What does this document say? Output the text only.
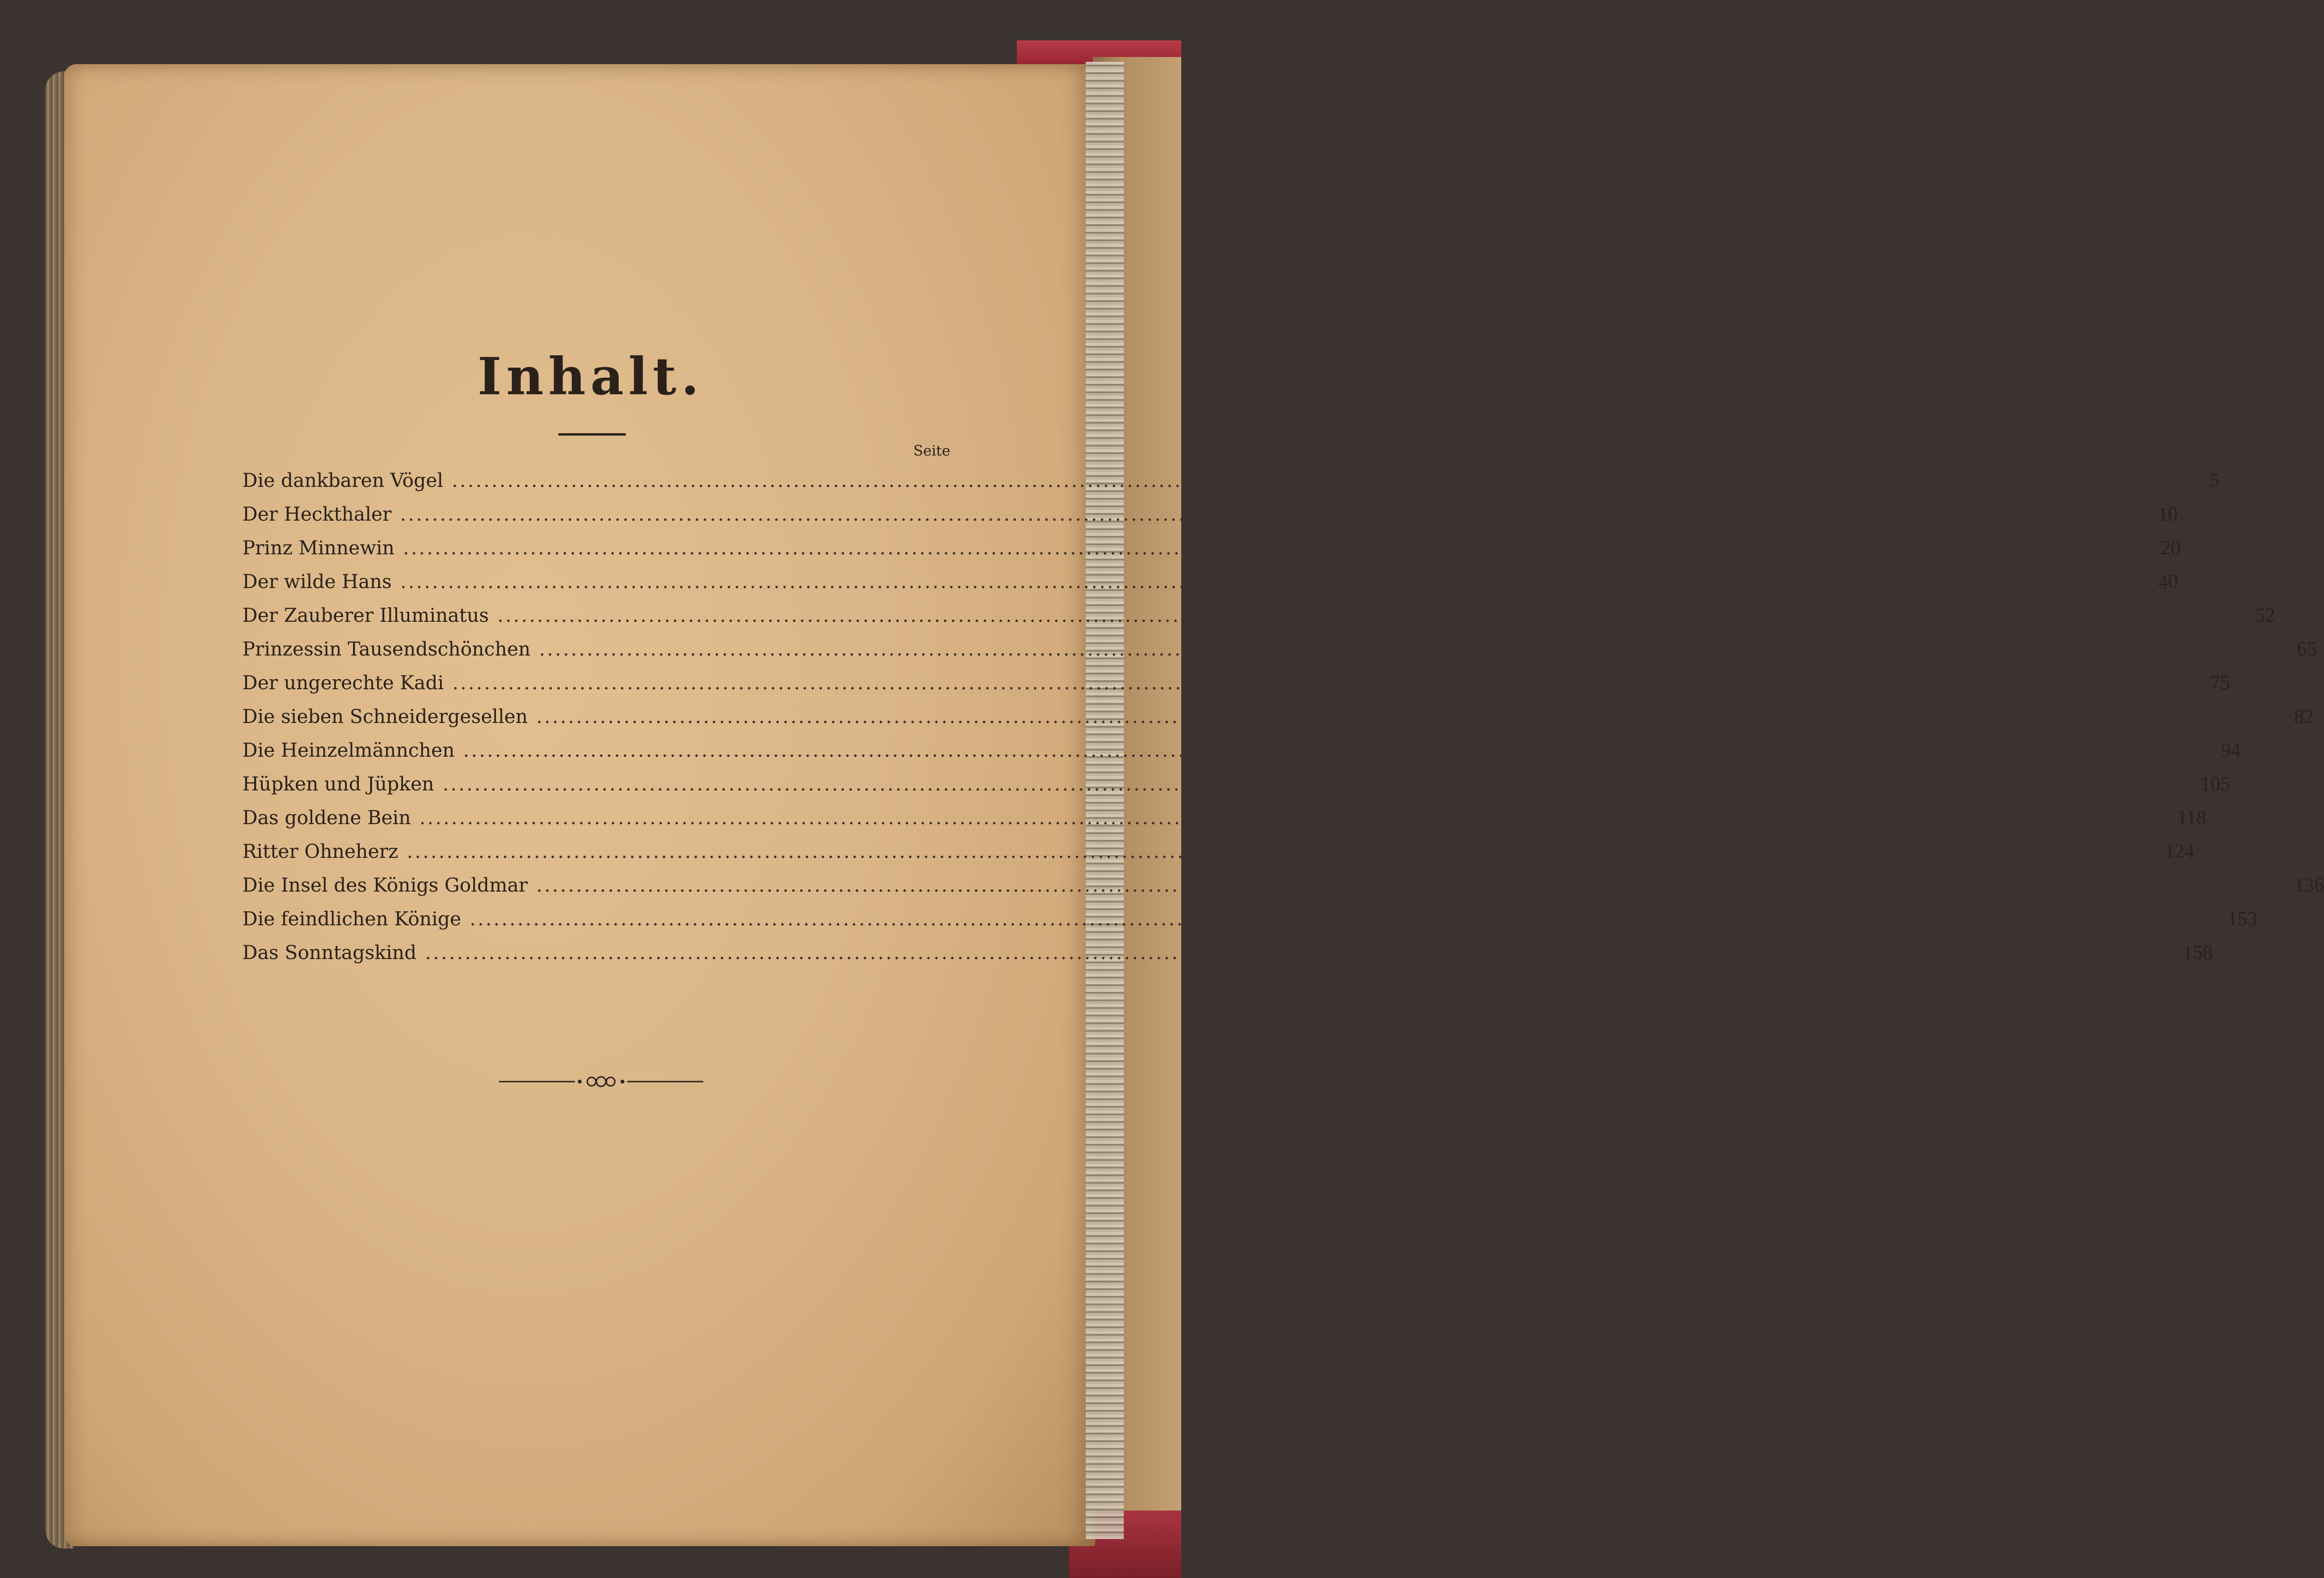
Inhalt.
Seite
Die dankbaren Vögel ............................................................................................................................................................................................................................ 5
Der Heckthaler ............................................................................................................................................................................................................................ 10
Prinz Minnewin ............................................................................................................................................................................................................................ 20
Der wilde Hans ............................................................................................................................................................................................................................ 40
Der Zauberer Illuminatus ............................................................................................................................................................................................................................ 52
Prinzessin Tausendschönchen ............................................................................................................................................................................................................................ 65
Der ungerechte Kadi ............................................................................................................................................................................................................................ 75
Die sieben Schneidergesellen ............................................................................................................................................................................................................................ 82
Die Heinzelmännchen ............................................................................................................................................................................................................................ 94
Hüpken und Jüpken ............................................................................................................................................................................................................................ 105
Das goldene Bein ............................................................................................................................................................................................................................ 118
Ritter Ohneherz ............................................................................................................................................................................................................................ 124
Die Insel des Königs Goldmar ............................................................................................................................................................................................................................ 136
Die feindlichen Könige ............................................................................................................................................................................................................................ 153
Das Sonntagskind ............................................................................................................................................................................................................................ 158
